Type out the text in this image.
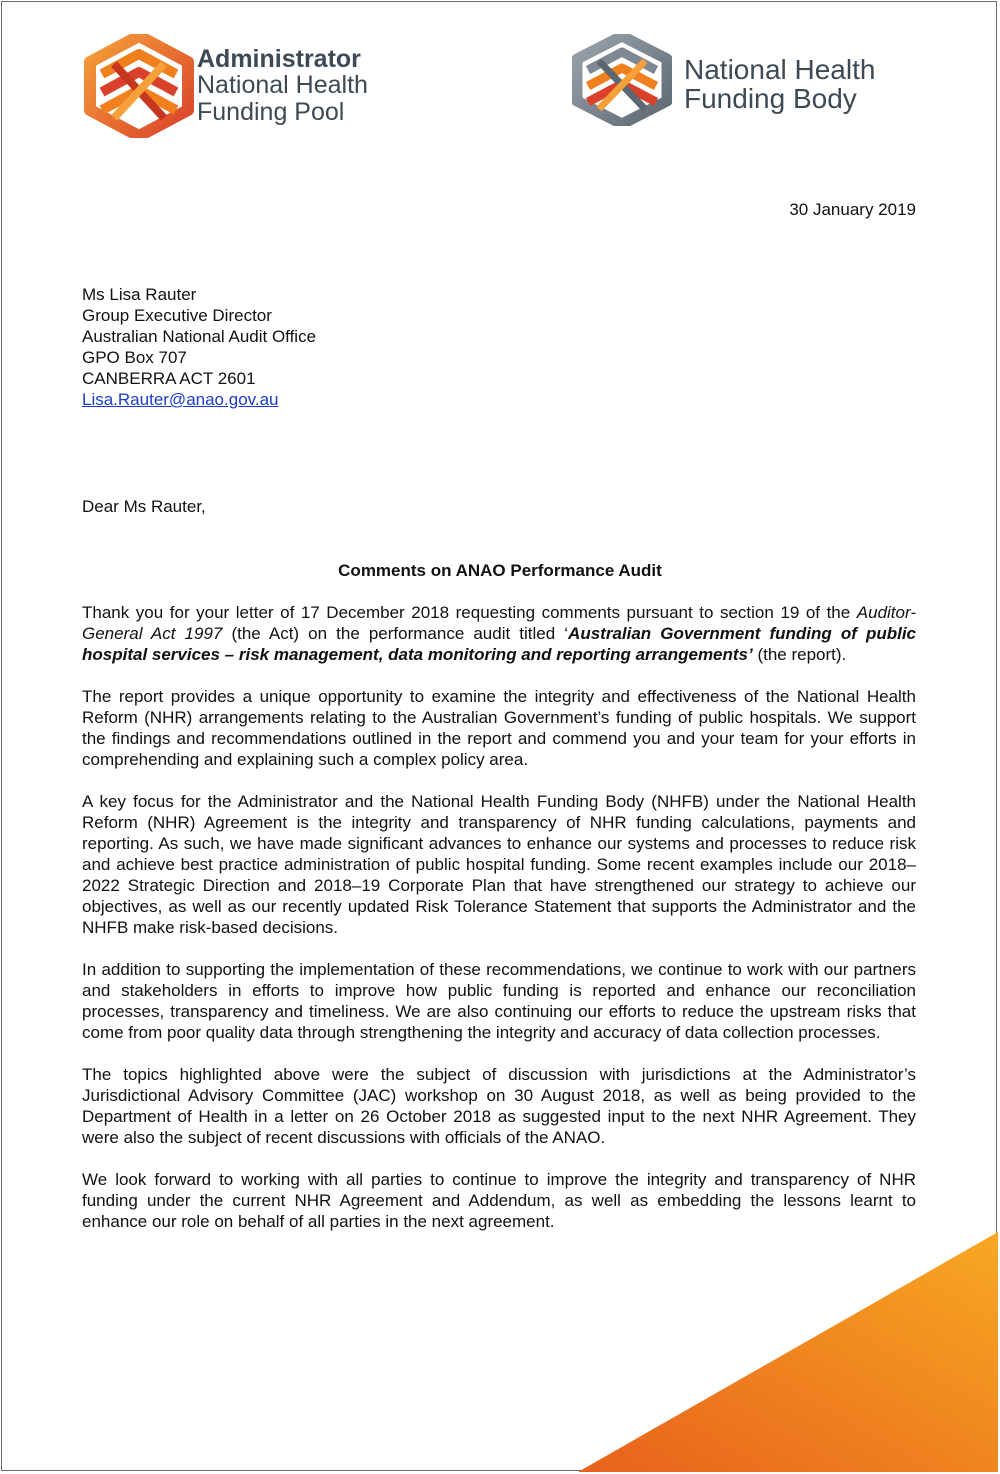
Administrator
National Health
Funding Pool
National Health
Funding Body
30 January 2019
Ms Lisa Rauter
Group Executive Director
Australian National Audit Office
GPO Box 707
CANBERRA ACT 2601
Lisa.Rauter@anao.gov.au
Dear Ms Rauter,
Comments on ANAO Performance Audit

Thank you for your letter of 17 December 2018 requesting comments pursuant to section 19 of the Auditor-General Act 1997 (the Act) on the performance audit titled ‘Australian Government funding of public hospital services – risk management, data monitoring and reporting arrangements’ (the report).

The report provides a unique opportunity to examine the integrity and effectiveness of the National Health Reform (NHR) arrangements relating to the Australian Government’s funding of public hospitals. We support the findings and recommendations outlined in the report and commend you and your team for your efforts in comprehending and explaining such a complex policy area.

A key focus for the Administrator and the National Health Funding Body (NHFB) under the National Health Reform (NHR) Agreement is the integrity and transparency of NHR funding calculations, payments and reporting. As such, we have made significant advances to enhance our systems and processes to reduce risk and achieve best practice administration of public hospital funding. Some recent examples include our 2018–2022 Strategic Direction and 2018–19 Corporate Plan that have strengthened our strategy to achieve our objectives, as well as our recently updated Risk Tolerance Statement that supports the Administrator and the NHFB make risk-based decisions.

In addition to supporting the implementation of these recommendations, we continue to work with our partners and stakeholders in efforts to improve how public funding is reported and enhance our reconciliation processes, transparency and timeliness. We are also continuing our efforts to reduce the upstream risks that come from poor quality data through strengthening the integrity and accuracy of data collection processes.

The topics highlighted above were the subject of discussion with jurisdictions at the Administrator’s Jurisdictional Advisory Committee (JAC) workshop on 30 August 2018, as well as being provided to the Department of Health in a letter on 26 October 2018 as suggested input to the next NHR Agreement. They were also the subject of recent discussions with officials of the ANAO.

We look forward to working with all parties to continue to improve the integrity and transparency of NHR funding under the current NHR Agreement and Addendum, as well as embedding the lessons learnt to enhance our role on behalf of all parties in the next agreement.
